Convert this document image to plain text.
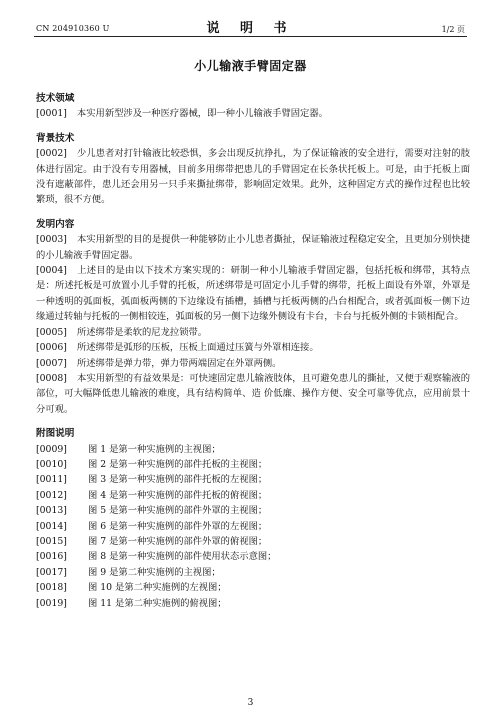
CN 204910360 U	说 明 书	1/2 页
小儿输液手臂固定器
技术领域
[0001] 本实用新型涉及一种医疗器械，即一种小儿输液手臂固定器。
背景技术
[0002] 少儿患者对打针输液比较恐惧，多会出现反抗挣扎，为了保证输液的安全进行，需要对注射的肢体进行固定。由于没有专用器械，目前多用绑带把患儿的手臂固定在长条状托板上。可是，由于托板上面没有遮蔽部件，患儿还会用另一只手来撕扯绑带，影响固定效果。此外，这种固定方式的操作过程也比较繁琐，很不方便。
发明内容
[0003] 本实用新型的目的是提供一种能够防止小儿患者撕扯，保证输液过程稳定安全，且更加分别快捷的小儿输液手臂固定器。
[0004] 上述目的是由以下技术方案实现的：研制一种小儿输液手臂固定器，包括托板和绑带，其特点是：所述托板是可放置小儿手臂的托板，所述绑带是可固定小儿手臂的绑带，托板上面设有外罩，外罩是一种透明的弧面板，弧面板两侧的下边缘设有插槽，插槽与托板两侧的凸台相配合，或者弧面板一侧下边缘通过转轴与托板的一侧相铰连，弧面板的另一侧下边缘外侧设有卡台，卡台与托板外侧的卡锁相配合。
[0005] 所述绑带是柔软的尼龙拉锁带。
[0006] 所述绑带是弧形的压板，压板上面通过压簧与外罩相连接。
[0007] 所述绑带是弹力带，弹力带两端固定在外罩两侧。
[0008] 本实用新型的有益效果是：可快速固定患儿输液肢体，且可避免患儿的撕扯，又便于观察输液的部位，可大幅降低患儿输液的难度，具有结构简单、造 价低廉、操作方便、安全可靠等优点，应用前景十分可观。
附图说明
[0009] 图 1 是第一种实施例的主视图；
[0010] 图 2 是第一种实施例的部件托板的主视图；
[0011] 图 3 是第一种实施例的部件托板的左视图；
[0012] 图 4 是第一种实施例的部件托板的俯视图；
[0013] 图 5 是第一种实施例的部件外罩的主视图；
[0014] 图 6 是第一种实施例的部件外罩的左视图；
[0015] 图 7 是第一种实施例的部件外罩的俯视图；
[0016] 图 8 是第一种实施例的部件使用状态示意图；
[0017] 图 9 是第二种实施例的主视图；
[0018] 图 10 是第二种实施例的左视图；
[0019] 图 11 是第二种实施例的俯视图；
3
